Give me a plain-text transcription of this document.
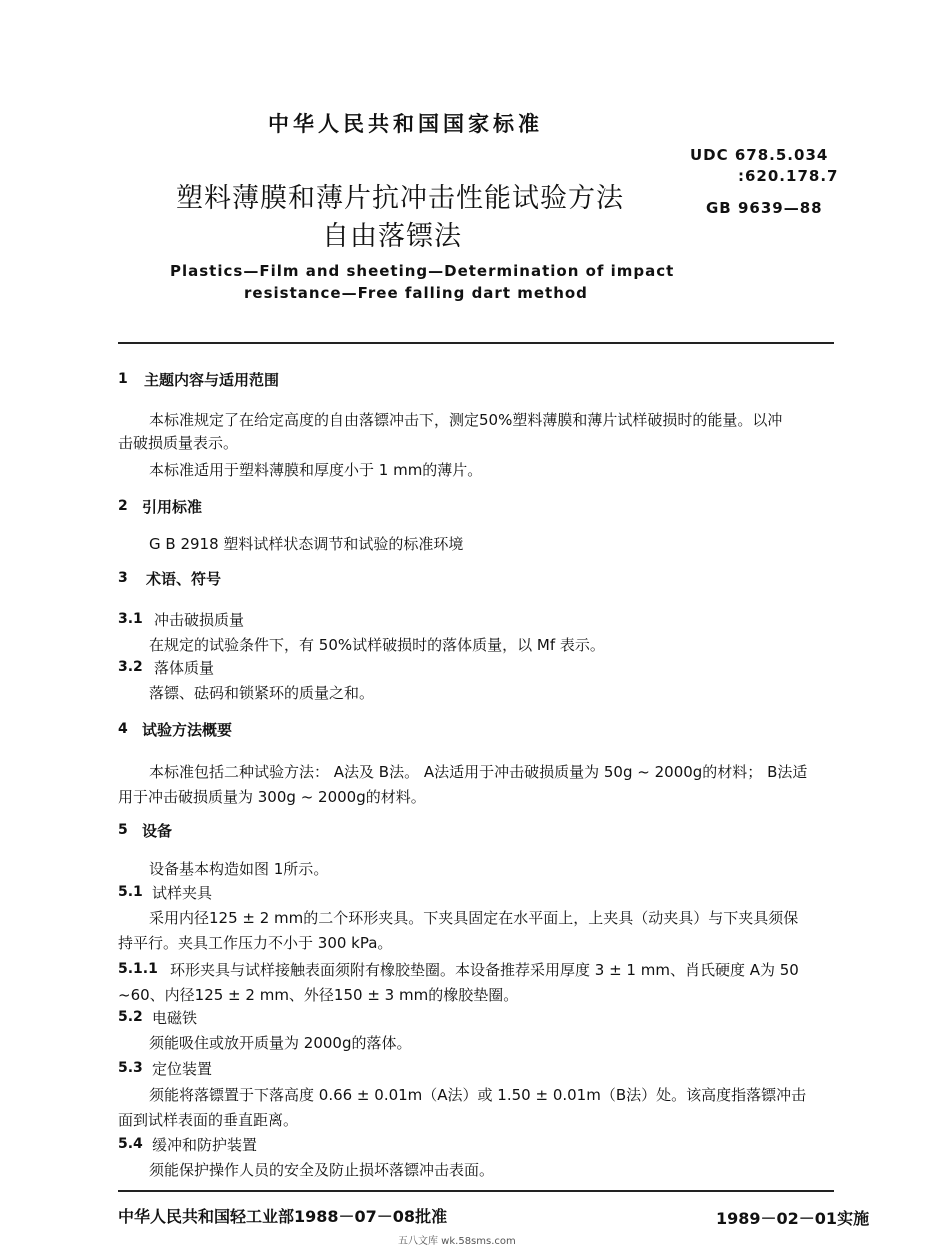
中华人民共和国国家标准
UDC 678.5.034
:620.178.7
GB 9639—88
塑料薄膜和薄片抗冲击性能试验方法
自由落镖法
Plastics—Film and sheeting—Determination of impact
resistance—Free falling dart method
1 主题内容与适用范围
本标准规定了在给定高度的自由落镖冲击下，测定50%塑料薄膜和薄片试样破损时的能量。以冲
击破损质量表示。
本标准适用于塑料薄膜和厚度小于 1 mm的薄片。
2 引用标准
G B 2918 塑料试样状态调节和试验的标准环境
3 术语、符号
3.1 冲击破损质量
在规定的试验条件下，有 50%试样破损时的落体质量，以 Mf 表示。
3.2 落体质量
落镖、砝码和锁紧环的质量之和。
4 试验方法概要
本标准包括二种试验方法： A法及 B法。 A法适用于冲击破损质量为 50g ~ 2000g的材料； B法适
用于冲击破损质量为 300g ~ 2000g的材料。
5 设备
设备基本构造如图 1所示。
5.1 试样夹具
采用内径125 ± 2 mm的二个环形夹具。下夹具固定在水平面上，上夹具（动夹具）与下夹具须保
持平行。夹具工作压力不小于 300 kPa。
5.1.1 环形夹具与试样接触表面须附有橡胶垫圈。本设备推荐采用厚度 3 ± 1 mm、肖氏硬度 A为 50
~60、内径125 ± 2 mm、外径150 ± 3 mm的橡胶垫圈。
5.2 电磁铁
须能吸住或放开质量为 2000g的落体。
5.3 定位装置
须能将落镖置于下落高度 0.66 ± 0.01m（A法）或 1.50 ± 0.01m（B法）处。该高度指落镖冲击
面到试样表面的垂直距离。
5.4 缓冲和防护装置
须能保护操作人员的安全及防止损坏落镖冲击表面。
中华人民共和国轻工业部1988－07－08批准	1989－02－01实施
五八文库 wk.58sms.com
